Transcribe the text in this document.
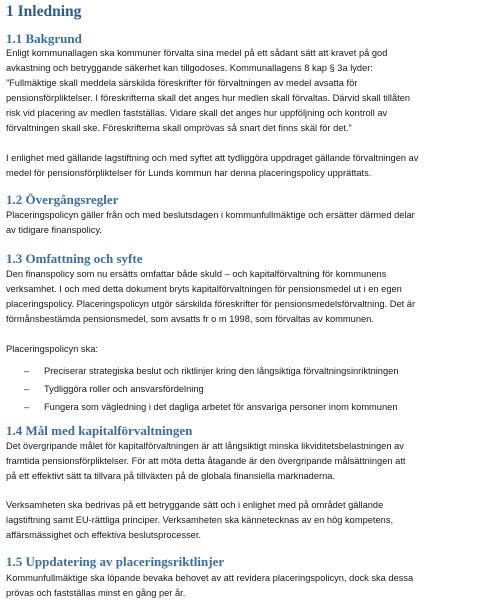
1 Inledning
1.1 Bakgrund
Enligt kommunallagen ska kommuner förvalta sina medel på ett sådant sätt att kravet på god
avkastning och betryggande säkerhet kan tillgodoses. Kommunallagens 8 kap § 3a lyder:
”Fullmäktige skall meddela särskilda föreskrifter för förvaltningen av medel avsatta för
pensionsförpliktelser. I föreskrifterna skall det anges hur medlen skall förvaltas. Därvid skall tillåten
risk vid placering av medlen fastställas. Vidare skall det anges hur uppföljning och kontroll av
förvaltningen skall ske. Föreskrifterna skall omprövas så snart det finns skäl för det.”
I enlighet med gällande lagstiftning och med syftet att tydliggöra uppdraget gällande förvaltningen av
medel för pensionsförpliktelser för Lunds kommun har denna placeringspolicy upprättats.
1.2 Övergångsregler
Placeringspolicyn gäller från och med beslutsdagen i kommunfullmäktige och ersätter därmed delar
av tidigare finanspolicy.
1.3 Omfattning och syfte
Den finanspolicy som nu ersätts omfattar både skuld – och kapitalförvaltning för kommunens
verksamhet. I och med detta dokument bryts kapitalförvaltningen för pensionsmedel ut i en egen
placeringspolicy. Placeringspolicyn utgör särskilda föreskrifter för pensionsmedelsförvaltning. Det är
förmånsbestämda pensionsmedel, som avsatts fr o m 1998, som förvaltas av kommunen.
Placeringspolicyn ska:
– Preciserar strategiska beslut och riktlinjer kring den långsiktiga förvaltningsinriktningen
– Tydliggöra roller och ansvarsfördelning
– Fungera som vägledning i det dagliga arbetet för ansvariga personer inom kommunen
1.4 Mål med kapitalförvaltningen
Det övergripande målet för kapitalförvaltningen är att långsiktigt minska likviditetsbelastningen av
framtida pensionsförpliktelser. För att möta detta åtagande är den övergripande målsättningen att
på ett effektivt sätt ta tillvara på tillväxten på de globala finansiella marknaderna.
Verksamheten ska bedrivas på ett betryggande sätt och i enlighet med på området gällande
lagstiftning samt EU-rättliga principer. Verksamheten ska kännetecknas av en hög kompetens,
affärsmässighet och effektiva beslutsprocesser.
1.5 Uppdatering av placeringsriktlinjer
Kommunfullmäktige ska löpande bevaka behovet av att revidera placeringspolicyn, dock ska dessa
prövas och fastställas minst en gång per år.
